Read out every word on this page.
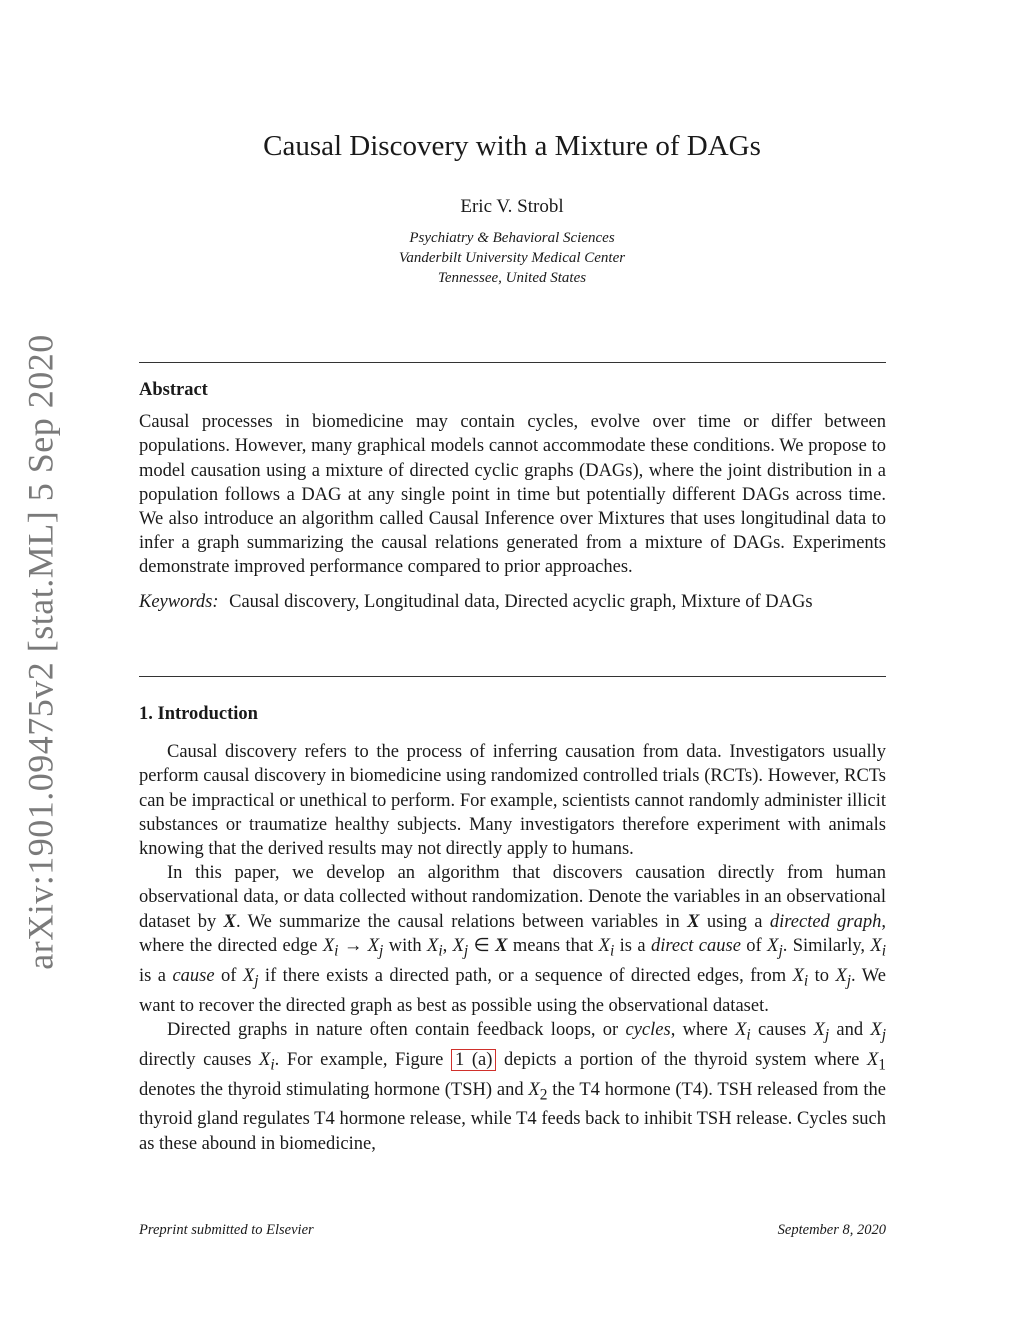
arXiv:1901.09475v2 [stat.ML] 5 Sep 2020
Causal Discovery with a Mixture of DAGs
Eric V. Strobl
Psychiatry & Behavioral Sciences
Vanderbilt University Medical Center
Tennessee, United States
Abstract

Causal processes in biomedicine may contain cycles, evolve over time or differ between populations. However, many graphical models cannot accommodate these conditions. We propose to model causation using a mixture of directed cyclic graphs (DAGs), where the joint distribution in a population follows a DAG at any single point in time but potentially different DAGs across time. We also introduce an algorithm called Causal Inference over Mixtures that uses longitudinal data to infer a graph summarizing the causal relations generated from a mixture of DAGs. Experiments demonstrate improved performance compared to prior approaches.

Keywords: Causal discovery, Longitudinal data, Directed acyclic graph, Mixture of DAGs

1. Introduction

Causal discovery refers to the process of inferring causation from data. Investigators usually perform causal discovery in biomedicine using randomized controlled trials (RCTs). However, RCTs can be impractical or unethical to perform. For example, scientists cannot randomly administer illicit substances or traumatize healthy subjects. Many investigators therefore experiment with animals knowing that the derived results may not directly apply to humans.

In this paper, we develop an algorithm that discovers causation directly from human observational data, or data collected without randomization. Denote the variables in an observational dataset by X. We summarize the causal relations between variables in X using a directed graph, where the directed edge $X_i \to X_j$ with $X_i$, $X_j$ ∈ X means that $X_i$ is a direct cause of $X_j$. Similarly, $X_i$ is a cause of $X_j$ if there exists a directed path, or a sequence of directed edges, from $X_i$ to $X_j$. We want to recover the directed graph as best as possible using the observational dataset.

Directed graphs in nature often contain feedback loops, or cycles, where $X_i$ causes $X_j$ and $X_j$ directly causes $X_i$. For example, Figure 1 (a) depicts a portion of the thyroid system where $X_1$ denotes the thyroid stimulating hormone (TSH) and $X_2$ the T4 hormone (T4). TSH released from the thyroid gland regulates T4 hormone release, while T4 feeds back to inhibit TSH release. Cycles such as these abound in biomedicine,

Preprint submitted to Elsevier	September 8, 2020
